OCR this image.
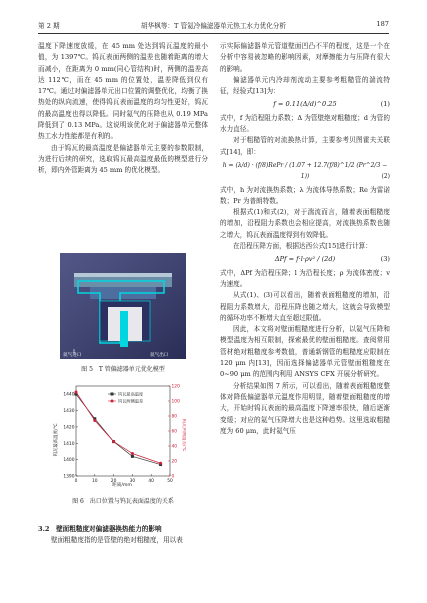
第 2 期	胡华枫等：T 管氦冷偏滤器单元热工水力优化分析	187

温度下降速度放缓，在 45 mm 处达到钨瓦温度的最小值，为 1397℃。钨瓦表面两侧的温差也随着距离的增大而减小，在距离为 0 mm(同心管结构)时，两侧的温差高达 112℃，而在 45 mm 的位置处，温差降低到仅有 17℃。通过对偏滤器单元出口位置的调整优化，均衡了换热处的纵向流速，使得钨瓦表面温度的均匀性更好，钨瓦的最高温度也得以降低。同时氦气的压降也从 0.19 MPa 降低到了 0.13 MPa。这说明该优化对于偏滤器单元整体热工水力性能都是有利的。

由于钨瓦的最高温度是偏滤器单元主要的参数限制，为进行后续的研究，选取钨瓦最高温度最低的模型进行分析，即内外管距离为 45 mm 的优化模型。

氦气进口	氦气出口
图 5　T 管偏滤器单元优化模型
0	10	20	30	40	50
1390
1400
1410
1420
1430
1440
0
20
40
60
80
100
120
钨瓦最高温度/℃	钨瓦两侧温差/℃
距离/mm
钨瓦最高温度
钨瓦两侧温差
图 6　出口位置与钨瓦表面温度的关系
3.2　壁面粗糙度对偏滤器换热能力的影响

壁面粗糙度指的是管壁的绝对粗糙度，用以表

示实际偏滤器单元管道壁面凹凸不平的程度，这是一个在分析中容易被忽略的影响因素，对摩擦能力与压降有很大的影响。

偏滤器单元内冷却剂流动主要参考粗糙管的湍流特征，经验式[13]为：

f = 0.11(Δ/d)^0.25	(1)

式中，f 为沿程阻力系数；Δ 为管壁绝对粗糙度；d 为管的水力直径。

对于粗糙管的对流换热计算，主要参考贝图霍夫关联式[14]，即：

h = (λ/d) · (f/8)RePr / (1.07 + 12.7(f/8)^1/2 (Pr^2/3 − 1))	(2)

式中，h 为对流换热系数；λ 为流体导热系数；Re 为雷诺数；Pr 为普朗特数。

根据式(1)和式(2)，对于湍流而言，随着表面粗糙度的增加，沿程阻力系数也会相应提高，对流换热系数也随之增大，钨瓦表面温度得到有效降低。

在沿程压降方面，根据达西公式[15]进行计算：

ΔPf = f·l·ρv² / (2d)	(3)

式中，ΔPf 为沿程压降；l 为沿程长度；ρ 为流体密度；v 为速度。

从式(1)、(3)可以看出，随着表面粗糙度的增加，沿程阻力系数增大，沿程压降也随之增大，这就会导致模型的循环功率不断增大直至超过限值。

因此，本文将对壁面粗糙度进行分析，以氦气压降和模型温度为相互限制，探索最优的壁面粗糙度。查阅常用管材绝对粗糙度参考数值，普通新钢管的粗糙度应限制在 120 μm 内[13]，因而选择偏滤器单元管壁面粗糙度在 0~90 μm 的范围内利用 ANSYS CFX 开展分析研究。

分析结果如图 7 所示，可以看出，随着表面粗糙度整体对降低偏滤器单元温度作用明显，随着壁面粗糙度的增大，开始时钨瓦表面的最高温度下降速率很快，随后逐渐变缓；对应的氦气压降增大也是这种趋势。这里选取粗糙度为 60 μm，此时氦气压
